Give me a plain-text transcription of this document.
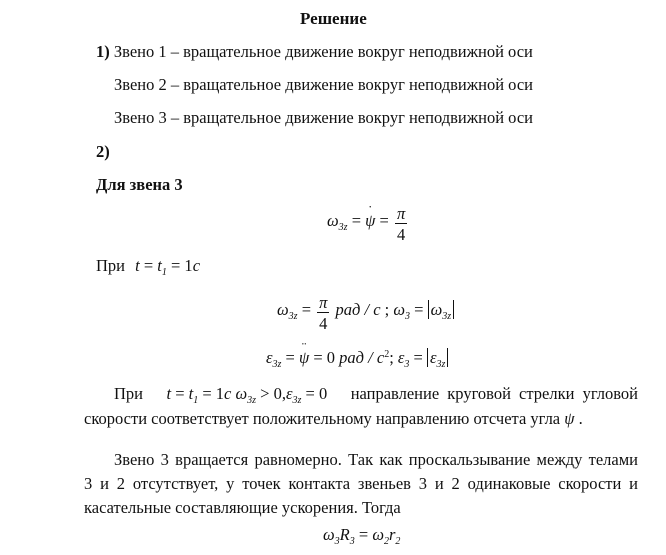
Решение
1) Звено 1 – вращательное движение вокруг неподвижной оси
Звено 2 – вращательное движение вокруг неподвижной оси
Звено 3 – вращательное движение вокруг неподвижной оси
2)
Для звена 3
$\omega_{3z} = \psi$ ˙ = $\frac{\pi}{4}$
При $t = t_1 = 1c$
$\omega_{3z} = \frac{\pi}{4}$ рад / с ; $\omega_3 = \omega_{3z}$
$\varepsilon_{3z} = \psi$ ¨ = 0 рад / $с^2$; $\varepsilon_3 = \varepsilon_{3z}$
При $t = t_1 = 1c$ $\omega_{3z} > 0,\varepsilon_{3z} = 0$ направление круговой стрелки угловой
скорости соответствует положительному направлению отсчета угла ψ .
Звено 3 вращается равномерно. Так как проскальзывание между телами
3 и 2 отсутствует, у точек контакта звеньев 3 и 2 одинаковые скорости и
касательные составляющие ускорения. Тогда
$\omega_3R_3 = \omega_2r_2$
